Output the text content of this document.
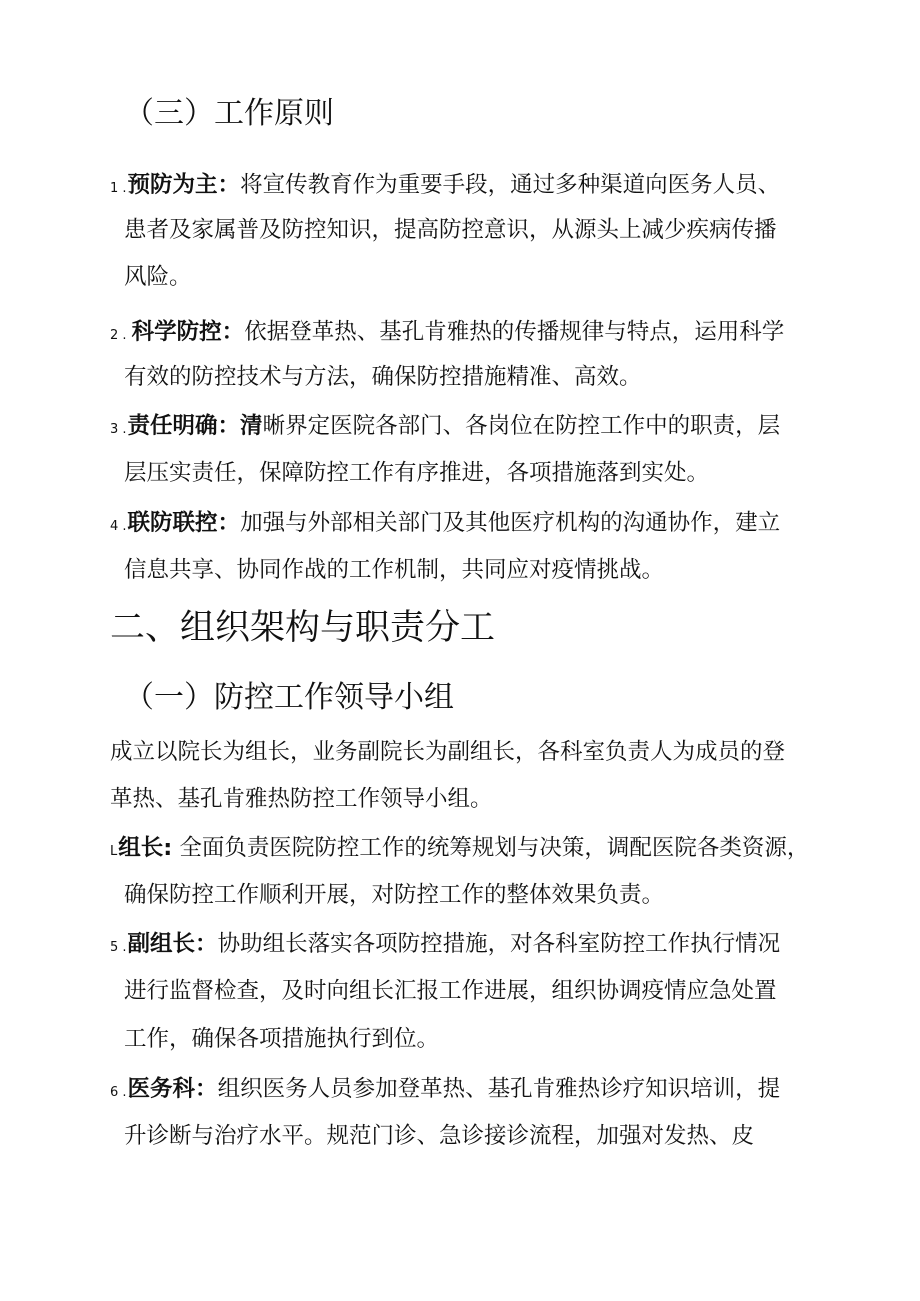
（三）工作原则
1 .预防为主：将宣传教育作为重要手段，通过多种渠道向医务人员、
患者及家属普及防控知识，提高防控意识，从源头上减少疾病传播
风险。
2 . 科学防控：依据登革热、基孔肯雅热的传播规律与特点，运用科学
有效的防控技术与方法，确保防控措施精准、高效。
3 .责任明确：清晰界定医院各部门、各岗位在防控工作中的职责，层
层压实责任，保障防控工作有序推进，各项措施落到实处。
4 .联防联控：加强与外部相关部门及其他医疗机构的沟通协作，建立
信息共享、协同作战的工作机制，共同应对疫情挑战。
二、组织架构与职责分工
（一）防控工作领导小组
成立以院长为组长，业务副院长为副组长，各科室负责人为成员的登
革热、基孔肯雅热防控工作领导小组。
L组长: 全面负责医院防控工作的统筹规划与决策，调配医院各类资源，
确保防控工作顺利开展，对防控工作的整体效果负责。
5 .副组长：协助组长落实各项防控措施，对各科室防控工作执行情况
进行监督检查，及时向组长汇报工作进展，组织协调疫情应急处置
工作，确保各项措施执行到位。
6 .医务科：组织医务人员参加登革热、基孔肯雅热诊疗知识培训，提
升诊断与治疗水平。规范门诊、急诊接诊流程，加强对发热、皮
